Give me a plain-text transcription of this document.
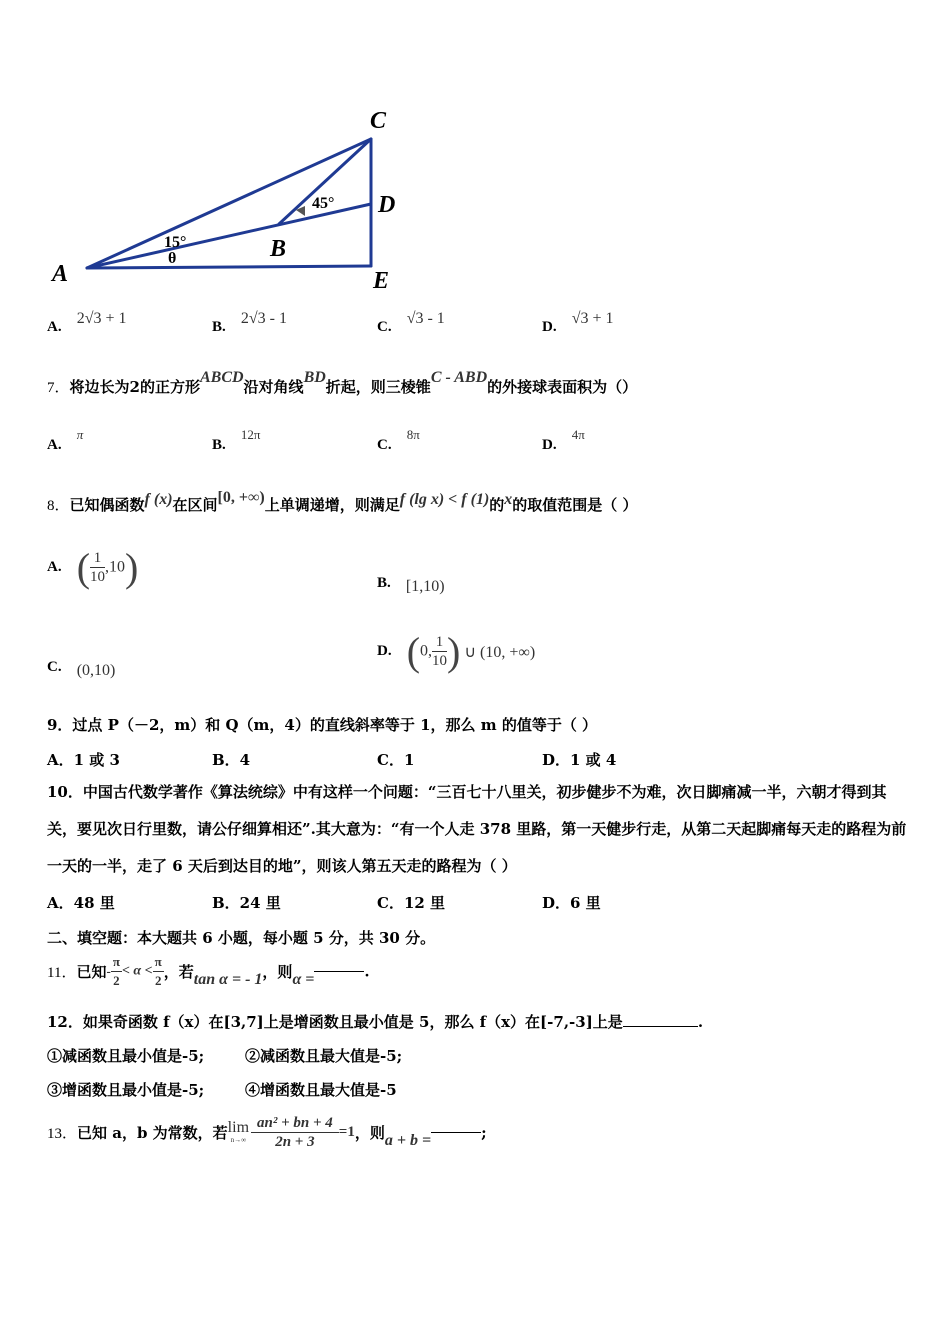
C
D
B
A	E
45°
15°
θ
A. 2√3 + 1	B. 2√3 - 1	C. √3 - 1	D. √3 + 1
7．将边长为2的正方形ABCD沿对角线BD折起，则三棱锥C - ABD的外接球表面积为（）
A. $^\pi$
B. $^{12\pi}$
C. $^{8\pi}$
D. $^{4\pi}$
8．已知偶函数f (x)在区间[0, +∞)上单调递增，则满足f (lg x) < f (1)的x的取值范围是（ ）
A. ( $\frac{1}{10} ,10$)	B. [1,10)
C. (0,10)
D. (0, $\frac{1}{10}$ ) ∪ (10, +∞)
9．过点 P（－2，m）和 Q（m，4）的直线斜率等于 1，那么 m 的值等于（ ）
A．1 或 3	B．4	C．1	D．1 或 4
10．中国古代数学著作《算法统综》中有这样一个问题：“三百七十八里关，初步健步不为难，次日脚痛减一半，六朝才得到其关，要见次日行里数，请公仔细算相还”.其大意为：“有一个人走 378 里路，第一天健步行走，从第二天起脚痛每天走的路程为前一天的一半，走了 6 天后到达目的地”，则该人第五天走的路程为（ ）
A．48 里	B．24 里	C．12 里	D．6 里
二、填空题：本大题共 6 小题，每小题 5 分，共 30 分。
11．已知- $\frac{\pi}{2} < \alpha < \frac{\pi}{2}$ ，若tan α = - 1，则α =	.
12．如果奇函数 f（x）在[3,7]上是增函数且最小值是 5，那么 f（x）在[-7,-3]上是	.
①减函数且最小值是-5;	②减函数且最大值是-5;
③增函数且最小值是-5;	④增函数且最大值是-5
13．已知 a，b 为常数，若 lim
$n\to\infty \frac{\text{an² + bn + 4}}{2n + 3} =1$，则a + b =	;
